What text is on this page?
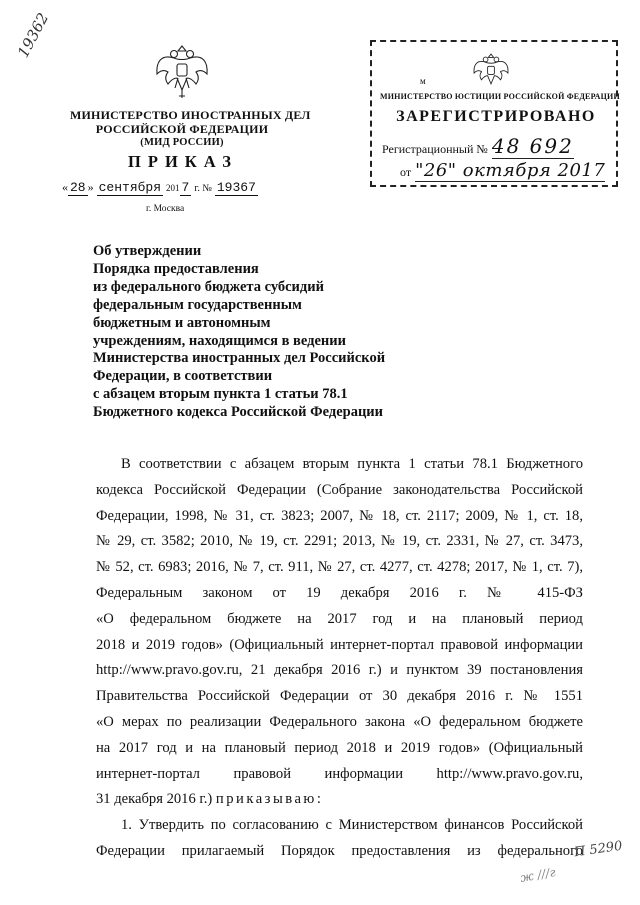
19362
МИНИСТЕРСТВО ИНОСТРАННЫХ ДЕЛ
РОССИЙСКОЙ ФЕДЕРАЦИИ
(МИД РОССИИ)
ПРИКАЗ
« 28 » сентября 201 7 г. № 19367
г. Москва
м
МИНИСТЕРСТВО ЮСТИЦИИ РОССИЙСКОЙ ФЕДЕРАЦИИ
ЗАРЕГИСТРИРОВАНО
Регистрационный № 48 692
от "26" октября 2017
Об утверждении
Порядка предоставления
из федерального бюджета субсидий
федеральным государственным
бюджетным и автономным
учреждениям, находящимся в ведении
Министерства иностранных дел Российской
Федерации, в соответствии
с абзацем вторым пункта 1 статьи 78.1
Бюджетного кодекса Российской Федерации
В соответствии с абзацем вторым пункта 1 статьи 78.1 Бюджетного
кодекса Российской Федерации (Собрание законодательства Российской
Федерации, 1998, № 31, ст. 3823; 2007, № 18, ст. 2117; 2009, № 1, ст. 18,
№ 29, ст. 3582; 2010, № 19, ст. 2291; 2013, № 19, ст. 2331, № 27, ст. 3473,
№ 52, ст. 6983; 2016, № 7, ст. 911, № 27, ст. 4277, ст. 4278; 2017, № 1, ст. 7),
Федеральным законом от 19 декабря 2016 г. № 415-ФЗ
«О федеральном бюджете на 2017 год и на плановый период
2018 и 2019 годов» (Официальный интернет-портал правовой информации
http://www.pravo.gov.ru, 21 декабря 2016 г.) и пунктом 39 постановления
Правительства Российской Федерации от 30 декабря 2016 г. № 1551
«О мерах по реализации Федерального закона «О федеральном бюджете
на 2017 год и на плановый период 2018 и 2019 годов» (Официальный
интернет-портал правовой информации http://www.pravo.gov.ru,
31 декабря 2016 г.) приказываю:
1. Утвердить по согласованию с Министерством финансов Российской
Федерации прилагаемый Порядок предоставления из федерального
П 5290
ж ///г
